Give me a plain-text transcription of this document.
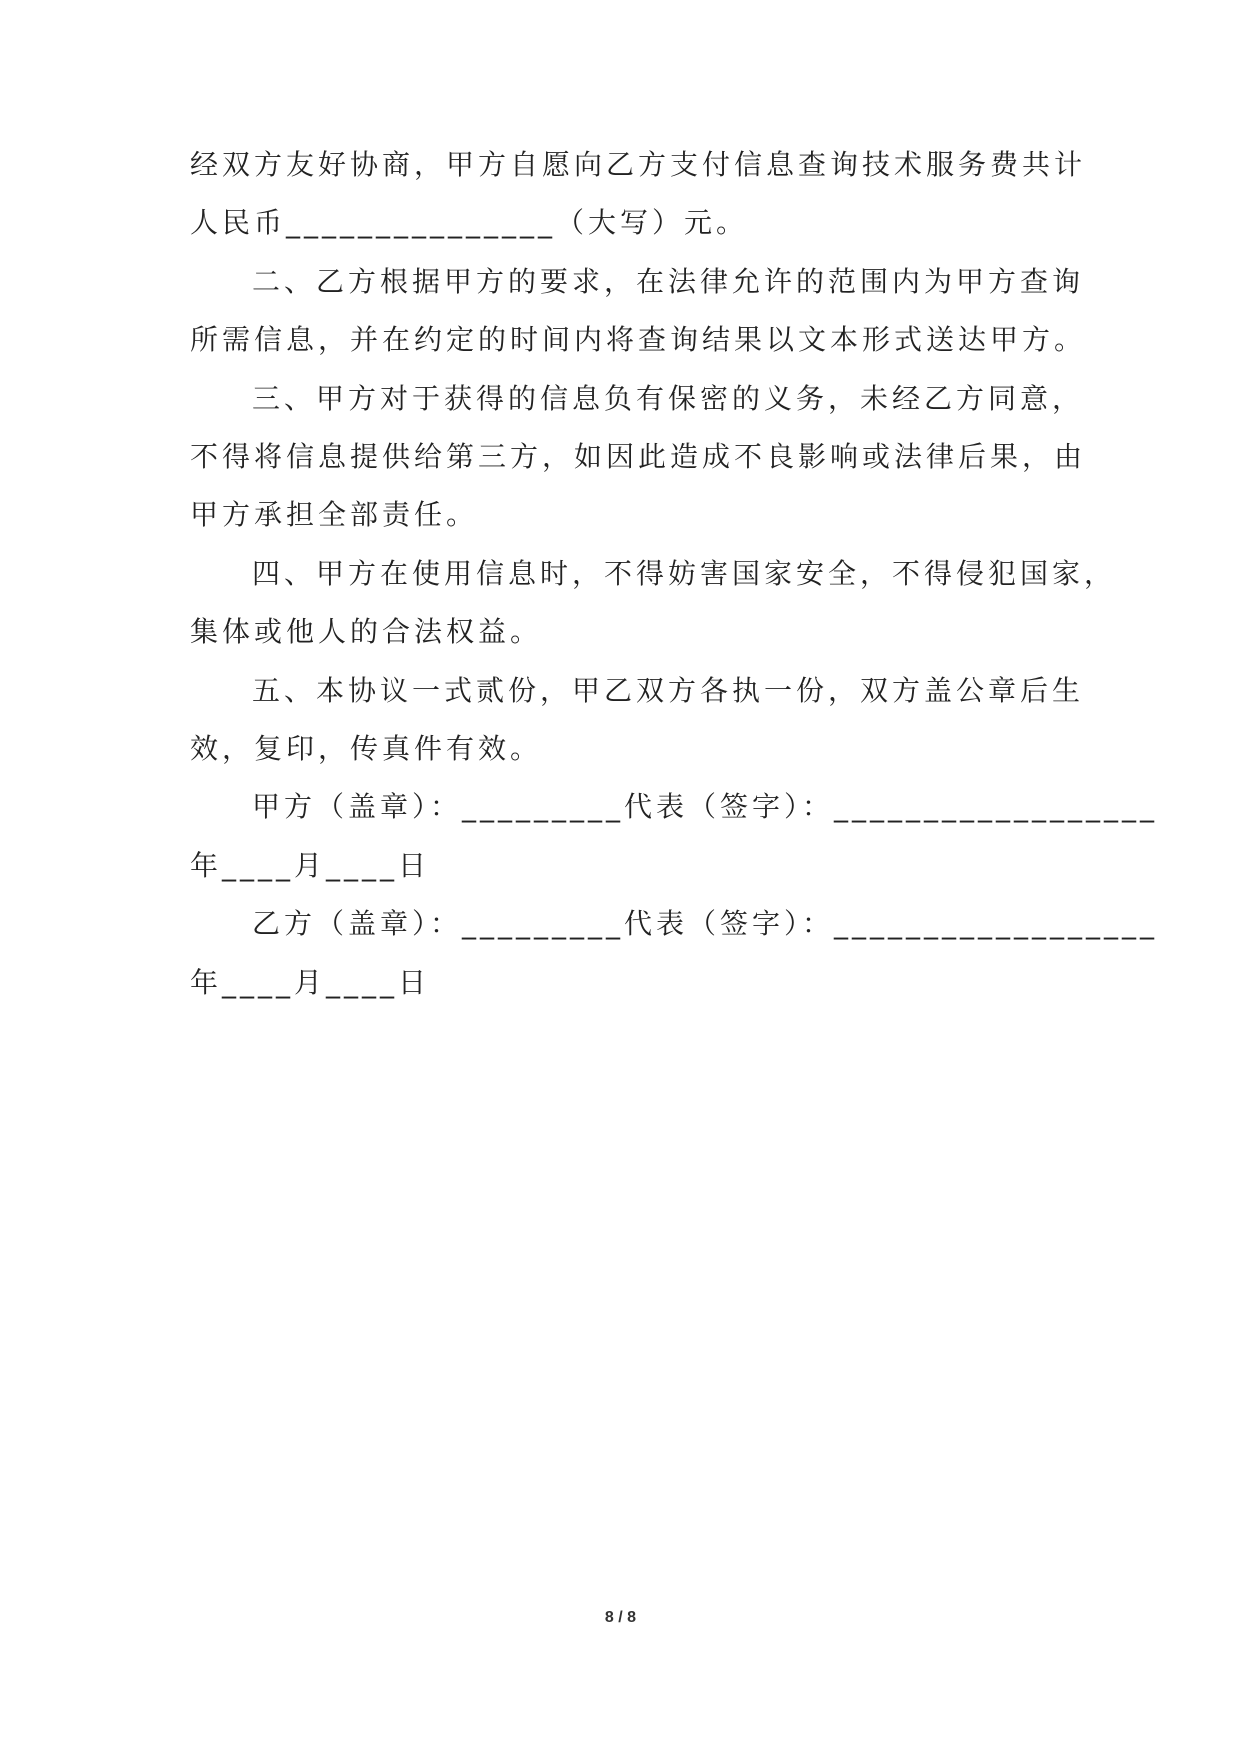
经双方友好协商，甲方自愿向乙方支付信息查询技术服务费共计

人民币_______________（大写）元。

二、乙方根据甲方的要求，在法律允许的范围内为甲方查询

所需信息，并在约定的时间内将查询结果以文本形式送达甲方。

三、甲方对于获得的信息负有保密的义务，未经乙方同意，

不得将信息提供给第三方，如因此造成不良影响或法律后果，由

甲方承担全部责任。

四、甲方在使用信息时，不得妨害国家安全，不得侵犯国家，

集体或他人的合法权益。

五、本协议一式贰份，甲乙双方各执一份，双方盖公章后生

效，复印，传真件有效。

甲方（盖章）：_________代表（签字）：__________________

年____月____日

乙方（盖章）：_________代表（签字）：__________________

年____月____日

8 / 8
